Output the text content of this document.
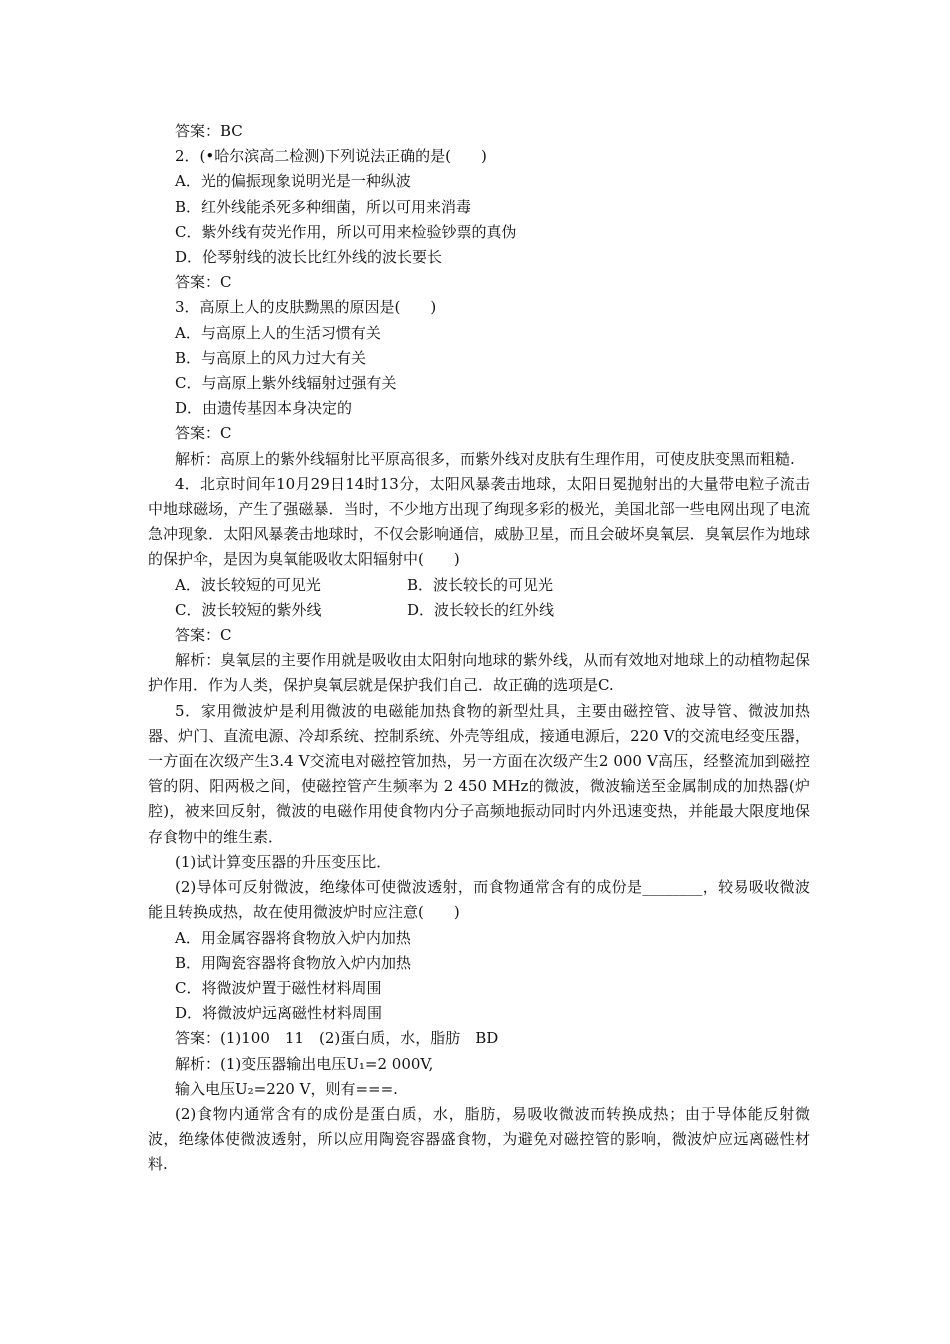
答案：BC
2．(•哈尔滨高二检测)下列说法正确的是(　　)
A．光的偏振现象说明光是一种纵波
B．红外线能杀死多种细菌，所以可用来消毒
C．紫外线有荧光作用，所以可用来检验钞票的真伪
D．伦琴射线的波长比红外线的波长要长
答案：C
3．高原上人的皮肤黝黑的原因是(　　)
A．与高原上人的生活习惯有关
B．与高原上的风力过大有关
C．与高原上紫外线辐射过强有关
D．由遗传基因本身决定的
答案：C
解析：高原上的紫外线辐射比平原高很多，而紫外线对皮肤有生理作用，可使皮肤变黑而粗糙.
4．北京时间年10月29日14时13分，太阳风暴袭击地球，太阳日冕抛射出的大量带电粒子流击中地球磁场，产生了强磁暴．当时，不少地方出现了绚现多彩的极光，美国北部一些电网出现了电流急冲现象．太阳风暴袭击地球时，不仅会影响通信，威胁卫星，而且会破坏臭氧层．臭氧层作为地球的保护伞，是因为臭氧能吸收太阳辐射中(　　)
A．波长较短的可见光	B．波长较长的可见光
C．波长较短的紫外线	D．波长较长的红外线
答案：C
解析：臭氧层的主要作用就是吸收由太阳射向地球的紫外线，从而有效地对地球上的动植物起保护作用．作为人类，保护臭氧层就是保护我们自己．故正确的选项是C.
5．家用微波炉是利用微波的电磁能加热食物的新型灶具，主要由磁控管、波导管、微波加热器、炉门、直流电源、冷却系统、控制系统、外壳等组成，接通电源后，220 V的交流电经变压器，一方面在次级产生3.4 V交流电对磁控管加热，另一方面在次级产生2 000 V高压，经整流加到磁控管的阴、阳两极之间，使磁控管产生频率为 2 450 MHz的微波，微波输送至金属制成的加热器(炉腔)，被来回反射，微波的电磁作用使食物内分子高频地振动同时内外迅速变热，并能最大限度地保存食物中的维生素．
(1)试计算变压器的升压变压比．
(2)导体可反射微波，绝缘体可使微波透射，而食物通常含有的成份是________，较易吸收微波能且转换成热，故在使用微波炉时应注意(　　)
A．用金属容器将食物放入炉内加热
B．用陶瓷容器将食物放入炉内加热
C．将微波炉置于磁性材料周围
D．将微波炉远离磁性材料周围
答案：(1)100　11　(2)蛋白质，水，脂肪　BD
解析：(1)变压器输出电压U₁=2 000V,
输入电压U₂=220 V，则有===.
(2)食物内通常含有的成份是蛋白质，水，脂肪，易吸收微波而转换成热；由于导体能反射微波，绝缘体使微波透射，所以应用陶瓷容器盛食物，为避免对磁控管的影响，微波炉应远离磁性材料.
